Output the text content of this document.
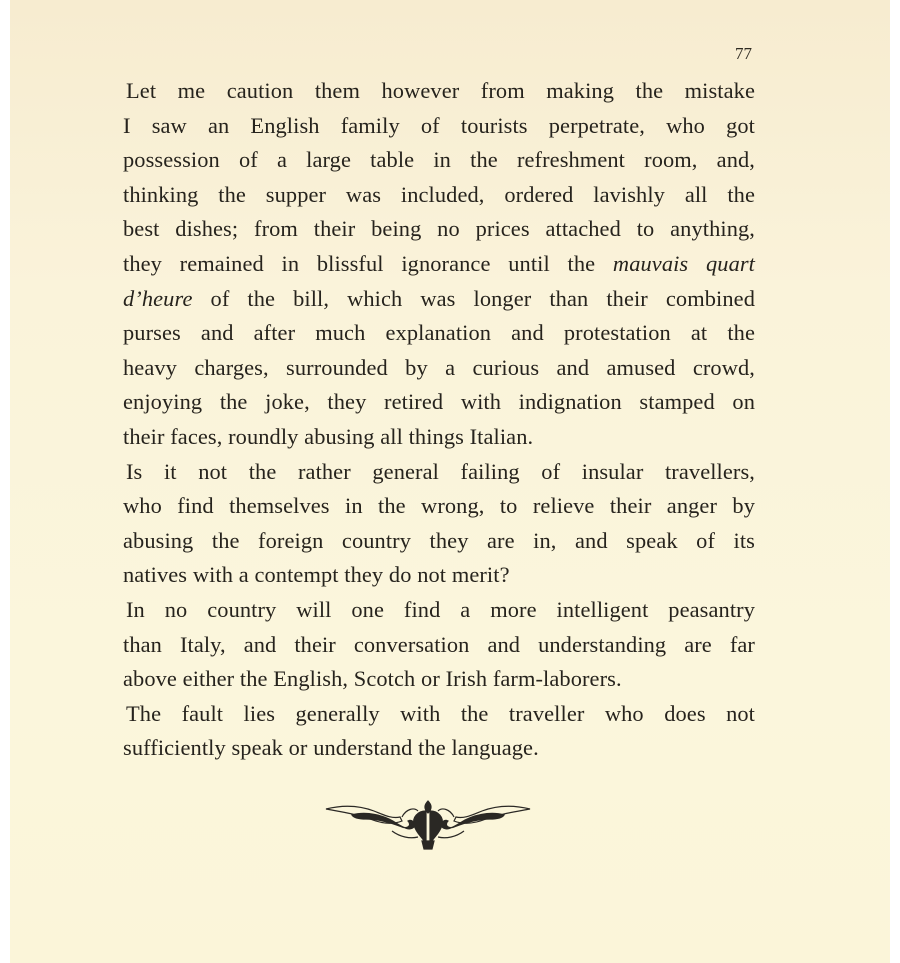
77
Let me caution them however from making the mistake
I saw an English family of tourists perpetrate, who got
possession of a large table in the refreshment room, and,
thinking the supper was included, ordered lavishly all the
best dishes; from their being no prices attached to anything,
they remained in blissful ignorance until the mauvais quart
d’heure of the bill, which was longer than their combined
purses and after much explanation and protestation at the
heavy charges, surrounded by a curious and amused crowd,
enjoying the joke, they retired with indignation stamped on
their faces, roundly abusing all things Italian.
Is it not the rather general failing of insular travellers,
who find themselves in the wrong, to relieve their anger by
abusing the foreign country they are in, and speak of its
natives with a contempt they do not merit?
In no country will one find a more intelligent peasantry
than Italy, and their conversation and understanding are far
above either the English, Scotch or Irish farm-laborers.
The fault lies generally with the traveller who does not
sufficiently speak or understand the language.
